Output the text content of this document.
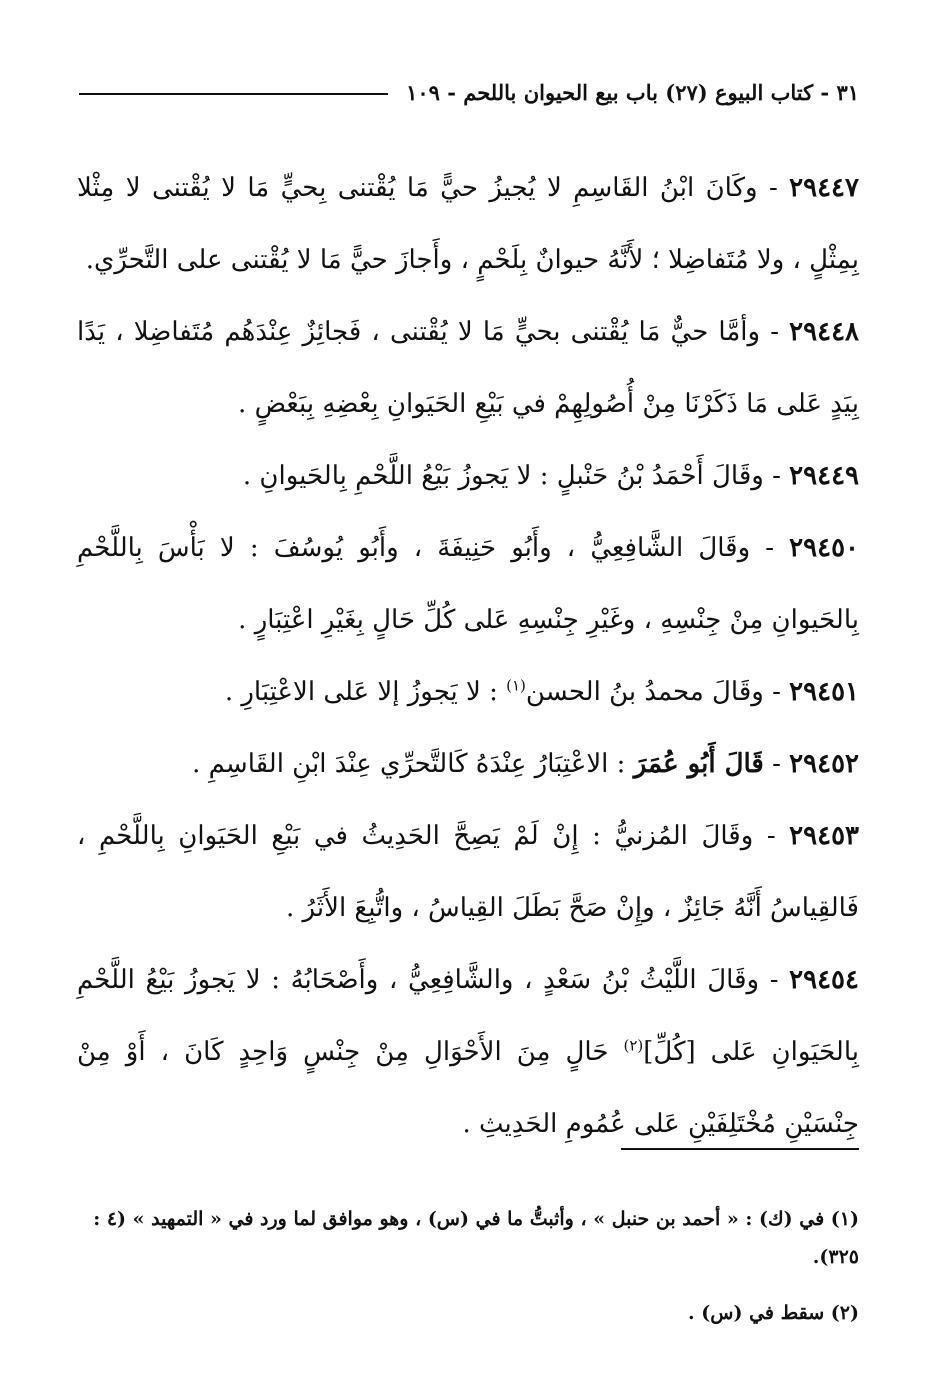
٣١ - كتاب البيوع (٢٧) باب بيع الحيوان باللحم - ١٠٩

٢٩٤٤٧ - وكَانَ ابْنُ القَاسِمِ لا يُجيزُ حيًّ مَا يُقْتنى بِحيٍّ مَا لا يُقْتنى لا مِثْلا بِمِثْلٍ ، ولا مُتَفاضِلا ؛ لأَنَّهُ حيوانٌ بِلَحْمٍ ، وأَجازَ حيًّ مَا لا يُقْتنى على التَّحرِّي.

٢٩٤٤٨ - وأمَّا حيٌّ مَا يُقْتنى بحيٍّ مَا لا يُقْتنى ، فَجائِزٌ عِنْدَهُم مُتَفاضِلا ، يَدًا بِيَدٍ عَلى مَا ذَكَرْنَا مِنْ أُصُولِهِمْ في بَيْعِ الحَيَوانِ بِعْضِهِ بِبَعْضٍ .

٢٩٤٤٩ - وقَالَ أَحْمَدُ بْنُ حَنْبلٍ : لا يَجوزُ بَيْعُ اللَّحْمِ بِالحَيوانِ .

٢٩٤٥٠ - وقَالَ الشَّافِعِيُّ ، وأَبُو حَنِيفَةَ ، وأَبُو يُوسُفَ : لا بَأْسَ بِاللَّحْمِ بِالحَيوانِ مِنْ جِنْسِهِ ، وغَيْرِ جِنْسِهِ عَلى كُلِّ حَالٍ بِغَيْرِ اعْتِبَارٍ .

٢٩٤٥١ - وقَالَ محمدُ بنُ الحسن$^{(١)}$ : لا يَجوزُ إلا عَلى الاعْتِبَارِ .

٢٩٤٥٢ - قَالَ أَبُو عُمَرَ : الاعْتِبَارُ عِنْدَهُ كَالتَّحرِّي عِنْدَ ابْنِ القَاسِمِ .

٢٩٤٥٣ - وقَالَ المُزنيُّ : إِنْ لَمْ يَصِحَّ الحَدِيثُ في بَيْعِ الحَيَوانِ بِاللَّحْمِ ، فَالقِياسُ أَنَّهُ جَائِزٌ ، وإِنْ صَحَّ بَطَلَ القِياسُ ، واتُّبِعَ الأَثَرُ .

٢٩٤٥٤ - وقَالَ اللَّيْثُ بْنُ سَعْدٍ ، والشَّافِعِيُّ ، وأَصْحَابُهُ : لا يَجوزُ بَيْعُ اللَّحْمِ بِالحَيَوانِ عَلى [كُلِّ]$^{(٢)}$ حَالٍ مِنَ الأَحْوَالِ مِنْ جِنْسٍ وَاحِدٍ كَانَ ، أَوْ مِنْ جِنْسَيْنِ مُخْتَلِفَيْنِ عَلى عُمُومِ الحَدِيثِ .

(١) في (ك) : « أحمد بن حنبل » ، وأثبتُّ ما في (س) ، وهو موافق لما ورد في « التمهيد » (٤ : ٣٢٥).

(٢) سقط في (س) .
